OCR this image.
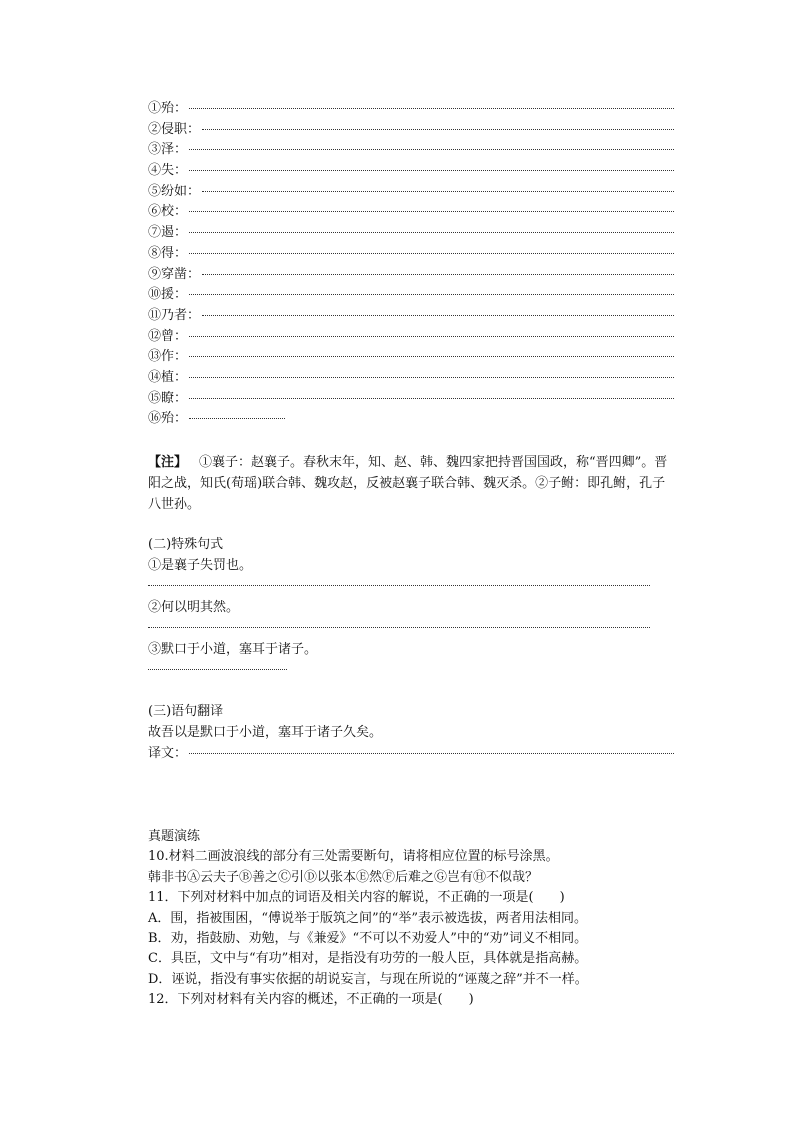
①殆：
②侵职：
③泽：
④失：
⑤纷如：
⑥校：
⑦遏：
⑧得：
⑨穿凿：
⑩援：
⑪乃者：
⑫曾：
⑬作：
⑭植：
⑮瞭：
⑯殆：
【注】 ①襄子：赵襄子。春秋末年，知、赵、韩、魏四家把持晋国国政，称“晋四卿”。晋阳之战，知氏(荀瑶)联合韩、魏攻赵，反被赵襄子联合韩、魏灭杀。②子鲋：即孔鲋，孔子八世孙。
(二)特殊句式
①是襄子失罚也。
②何以明其然。
③默口于小道，塞耳于诸子。
(三)语句翻译
故吾以是默口于小道，塞耳于诸子久矣。
译文：
真题演练
10.材料二画波浪线的部分有三处需要断句，请将相应位置的标号涂黑。
韩非书Ⓐ云夫子Ⓑ善之Ⓒ引Ⓓ以张本Ⓔ然Ⓕ后难之Ⓖ岂有Ⓗ不似哉？
11．下列对材料中加点的词语及相关内容的解说，不正确的一项是(　　)
A．围，指被围困，“傅说举于版筑之间”的“举”表示被选拔，两者用法相同。
B．劝，指鼓励、劝勉，与《兼爱》“不可以不劝爱人”中的“劝”词义不相同。
C．具臣，文中与“有功”相对，是指没有功劳的一般人臣，具体就是指高赫。
D．诬说，指没有事实依据的胡说妄言，与现在所说的“诬蔑之辞”并不一样。
12．下列对材料有关内容的概述，不正确的一项是(　　)
